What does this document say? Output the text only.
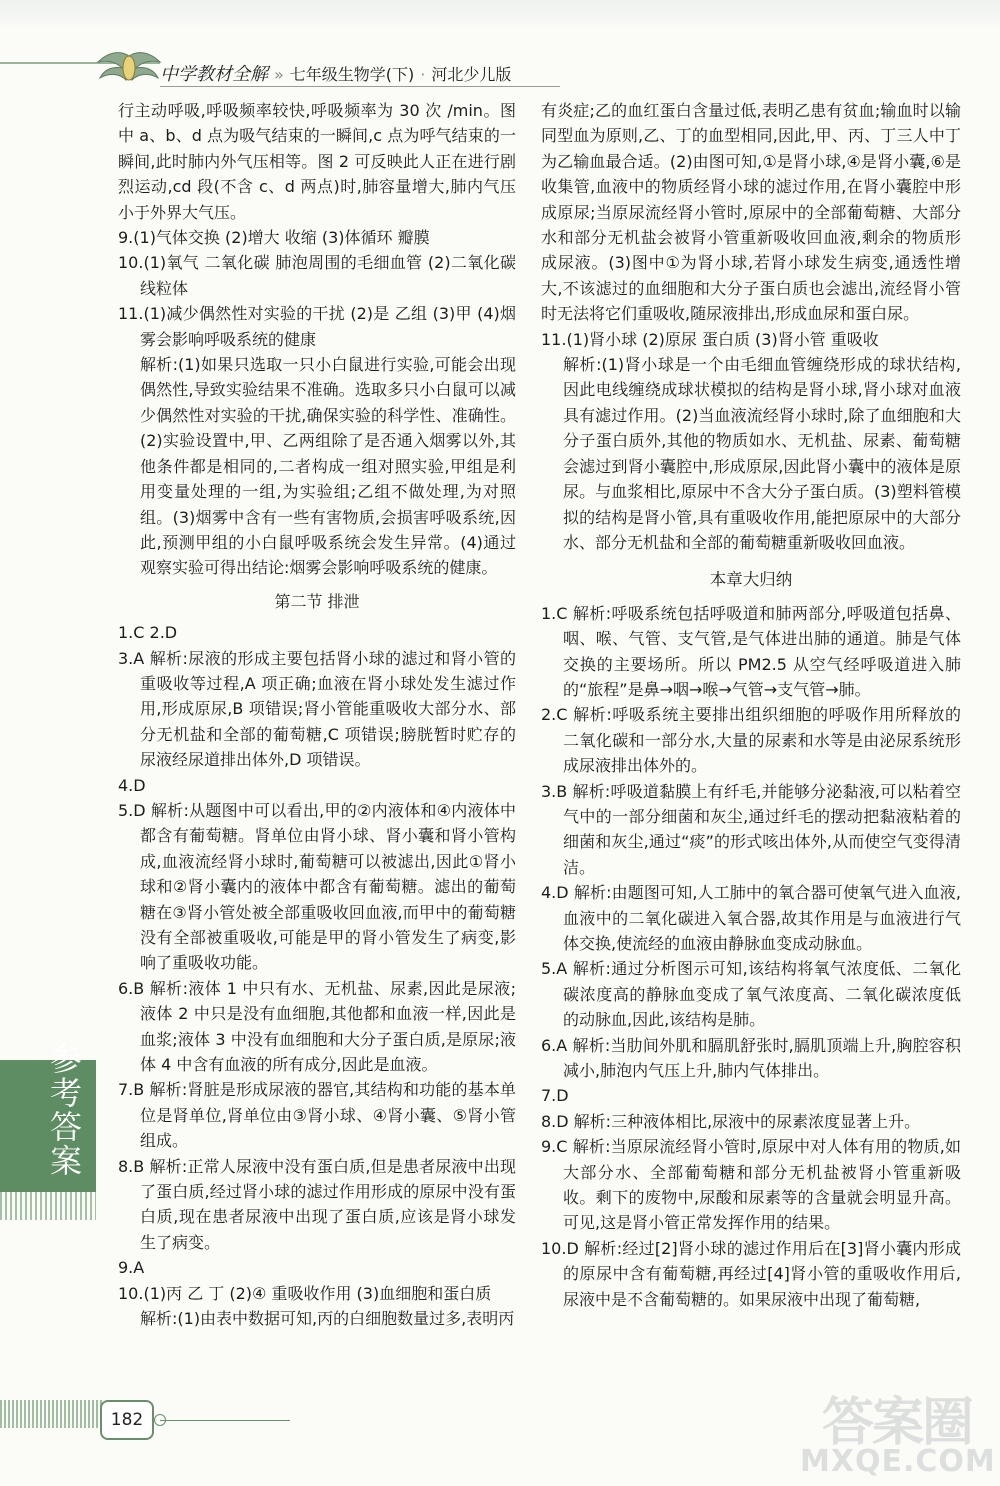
中学教材全解 » 七年级生物学(下) · 河北少儿版

行主动呼吸,呼吸频率较快,呼吸频率为 30 次 /min。图中 a、b、d 点为吸气结束的一瞬间,c 点为呼气结束的一瞬间,此时肺内外气压相等。图 2 可反映此人正在进行剧烈运动,cd 段(不含 c、d 两点)时,肺容量增大,肺内气压小于外界大气压。

9.(1)气体交换 (2)增大 收缩 (3)体循环 瓣膜

10.(1)氧气 二氧化碳 肺泡周围的毛细血管 (2)二氧化碳 线粒体

11.(1)减少偶然性对实验的干扰 (2)是 乙组 (3)甲 (4)烟雾会影响呼吸系统的健康

解析:(1)如果只选取一只小白鼠进行实验,可能会出现偶然性,导致实验结果不准确。选取多只小白鼠可以减少偶然性对实验的干扰,确保实验的科学性、准确性。(2)实验设置中,甲、乙两组除了是否通入烟雾以外,其他条件都是相同的,二者构成一组对照实验,甲组是利用变量处理的一组,为实验组;乙组不做处理,为对照组。(3)烟雾中含有一些有害物质,会损害呼吸系统,因此,预测甲组的小白鼠呼吸系统会发生异常。(4)通过观察实验可得出结论:烟雾会影响呼吸系统的健康。

第二节 排泄

1.C 2.D

3.A 解析:尿液的形成主要包括肾小球的滤过和肾小管的重吸收等过程,A 项正确;血液在肾小球处发生滤过作用,形成原尿,B 项错误;肾小管能重吸收大部分水、部分无机盐和全部的葡萄糖,C 项错误;膀胱暂时贮存的尿液经尿道排出体外,D 项错误。

4.D

5.D 解析:从题图中可以看出,甲的②内液体和④内液体中都含有葡萄糖。肾单位由肾小球、肾小囊和肾小管构成,血液流经肾小球时,葡萄糖可以被滤出,因此①肾小球和②肾小囊内的液体中都含有葡萄糖。滤出的葡萄糖在③肾小管处被全部重吸收回血液,而甲中的葡萄糖没有全部被重吸收,可能是甲的肾小管发生了病变,影响了重吸收功能。

6.B 解析:液体 1 中只有水、无机盐、尿素,因此是尿液;液体 2 中只是没有血细胞,其他都和血液一样,因此是血浆;液体 3 中没有血细胞和大分子蛋白质,是原尿;液体 4 中含有血液的所有成分,因此是血液。

7.B 解析:肾脏是形成尿液的器官,其结构和功能的基本单位是肾单位,肾单位由③肾小球、④肾小囊、⑤肾小管组成。

8.B 解析:正常人尿液中没有蛋白质,但是患者尿液中出现了蛋白质,经过肾小球的滤过作用形成的原尿中没有蛋白质,现在患者尿液中出现了蛋白质,应该是肾小球发生了病变。

9.A

10.(1)丙 乙 丁 (2)④ 重吸收作用 (3)血细胞和蛋白质

解析:(1)由表中数据可知,丙的白细胞数量过多,表明丙

有炎症;乙的血红蛋白含量过低,表明乙患有贫血;输血时以输同型血为原则,乙、丁的血型相同,因此,甲、丙、丁三人中丁为乙输血最合适。(2)由图可知,①是肾小球,④是肾小囊,⑥是收集管,血液中的物质经肾小球的滤过作用,在肾小囊腔中形成原尿;当原尿流经肾小管时,原尿中的全部葡萄糖、大部分水和部分无机盐会被肾小管重新吸收回血液,剩余的物质形成尿液。(3)图中①为肾小球,若肾小球发生病变,通透性增大,不该滤过的血细胞和大分子蛋白质也会滤出,流经肾小管时无法将它们重吸收,随尿液排出,形成血尿和蛋白尿。

11.(1)肾小球 (2)原尿 蛋白质 (3)肾小管 重吸收

解析:(1)肾小球是一个由毛细血管缠绕形成的球状结构,因此电线缠绕成球状模拟的结构是肾小球,肾小球对血液具有滤过作用。(2)当血液流经肾小球时,除了血细胞和大分子蛋白质外,其他的物质如水、无机盐、尿素、葡萄糖会滤过到肾小囊腔中,形成原尿,因此肾小囊中的液体是原尿。与血浆相比,原尿中不含大分子蛋白质。(3)塑料管模拟的结构是肾小管,具有重吸收作用,能把原尿中的大部分水、部分无机盐和全部的葡萄糖重新吸收回血液。

本章大归纳

1.C 解析:呼吸系统包括呼吸道和肺两部分,呼吸道包括鼻、咽、喉、气管、支气管,是气体进出肺的通道。肺是气体交换的主要场所。所以 PM2.5 从空气经呼吸道进入肺的“旅程”是鼻→咽→喉→气管→支气管→肺。

2.C 解析:呼吸系统主要排出组织细胞的呼吸作用所释放的二氧化碳和一部分水,大量的尿素和水等是由泌尿系统形成尿液排出体外的。

3.B 解析:呼吸道黏膜上有纤毛,并能够分泌黏液,可以粘着空气中的一部分细菌和灰尘,通过纤毛的摆动把黏液粘着的细菌和灰尘,通过“痰”的形式咳出体外,从而使空气变得清洁。

4.D 解析:由题图可知,人工肺中的氧合器可使氧气进入血液,血液中的二氧化碳进入氧合器,故其作用是与血液进行气体交换,使流经的血液由静脉血变成动脉血。

5.A 解析:通过分析图示可知,该结构将氧气浓度低、二氧化碳浓度高的静脉血变成了氧气浓度高、二氧化碳浓度低的动脉血,因此,该结构是肺。

6.A 解析:当肋间外肌和膈肌舒张时,膈肌顶端上升,胸腔容积减小,肺泡内气压上升,肺内气体排出。

7.D

8.D 解析:三种液体相比,尿液中的尿素浓度显著上升。

9.C 解析:当原尿流经肾小管时,原尿中对人体有用的物质,如大部分水、全部葡萄糖和部分无机盐被肾小管重新吸收。剩下的废物中,尿酸和尿素等的含量就会明显升高。可见,这是肾小管正常发挥作用的结果。

10.D 解析:经过[2]肾小球的滤过作用后在[3]肾小囊内形成的原尿中含有葡萄糖,再经过[4]肾小管的重吸收作用后,尿液中是不含葡萄糖的。如果尿液中出现了葡萄糖,

参考答案
182	答案圈
MXQE.COM
